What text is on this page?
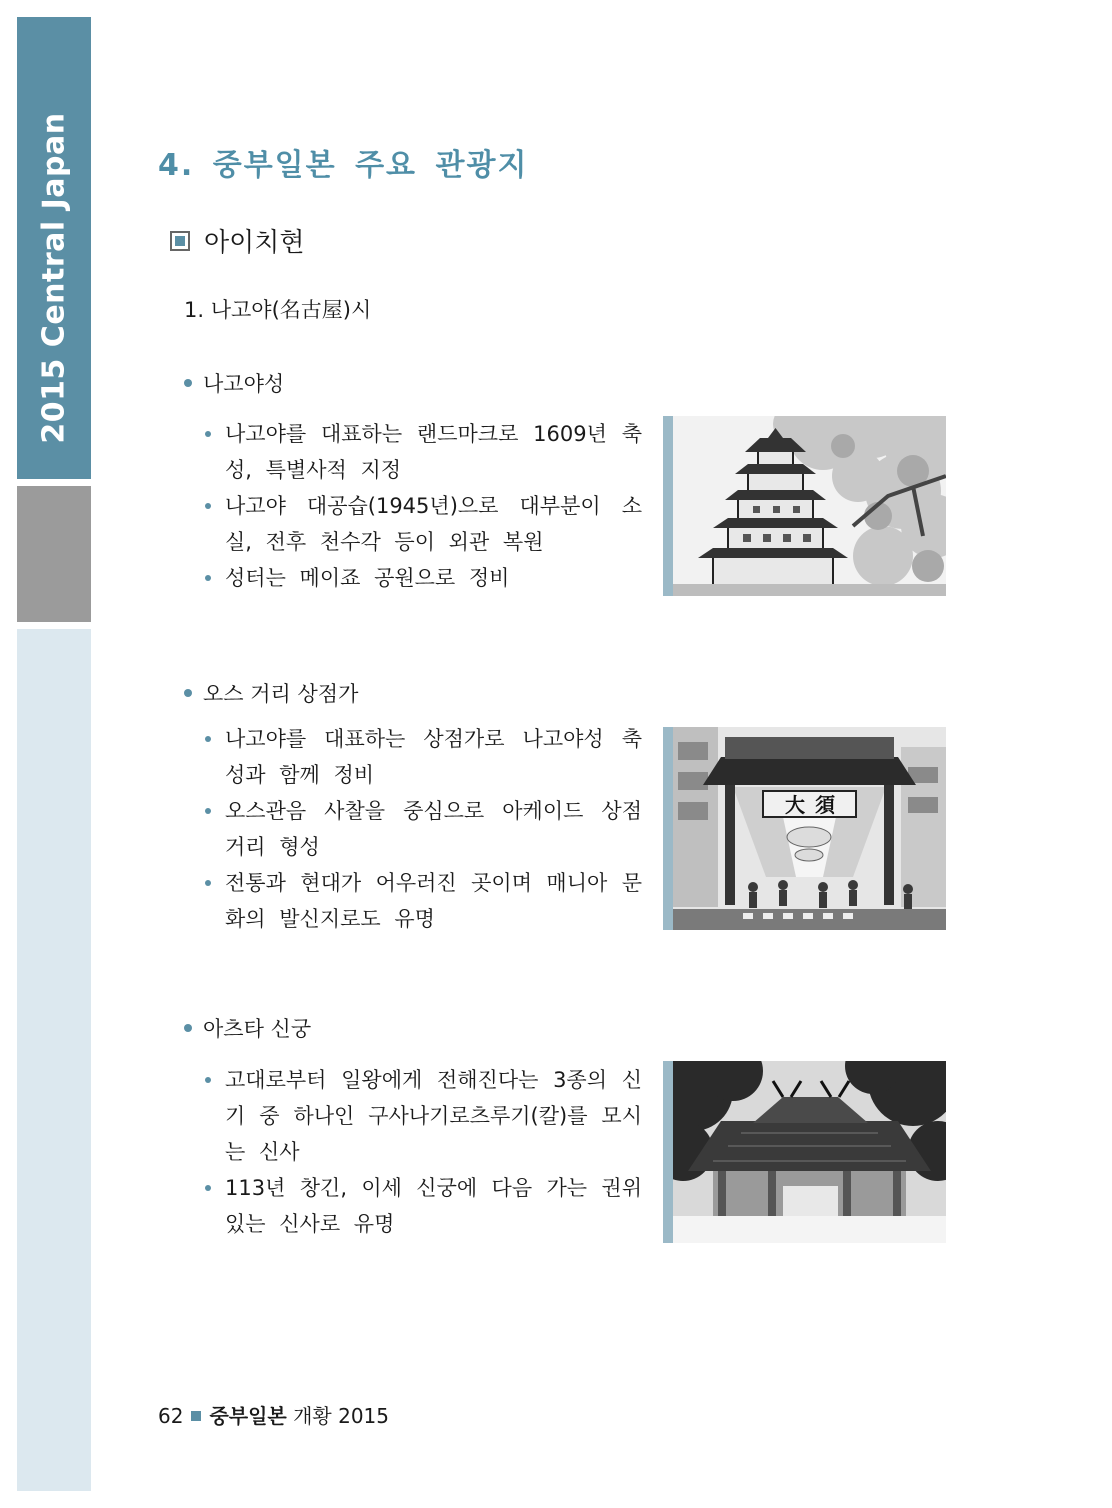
2015 Central Japan	4. 중부일본 주요 관광지
아이치현
1. 나고야(名古屋)시
나고야성
나고야를 대표하는 랜드마크로 1609년 축성, 특별사적 지정
나고야 대공습(1945년)으로 대부분이 소실, 전후 천수각 등이 외관 복원
성터는 메이죠 공원으로 정비
오스 거리 상점가
나고야를 대표하는 상점가로 나고야성 축성과 함께 정비
오스관음 사찰을 중심으로 아케이드 상점거리 형성
전통과 현대가 어우러진 곳이며 매니아 문화의 발신지로도 유명
大 須
아츠타 신궁
고대로부터 일왕에게 전해진다는 3종의 신기 중 하나인 구사나기로츠루기(칼)를 모시는 신사
113년 창긴, 이세 신궁에 다음 가는 권위 있는 신사로 유명
62 중부일본 개황 2015
